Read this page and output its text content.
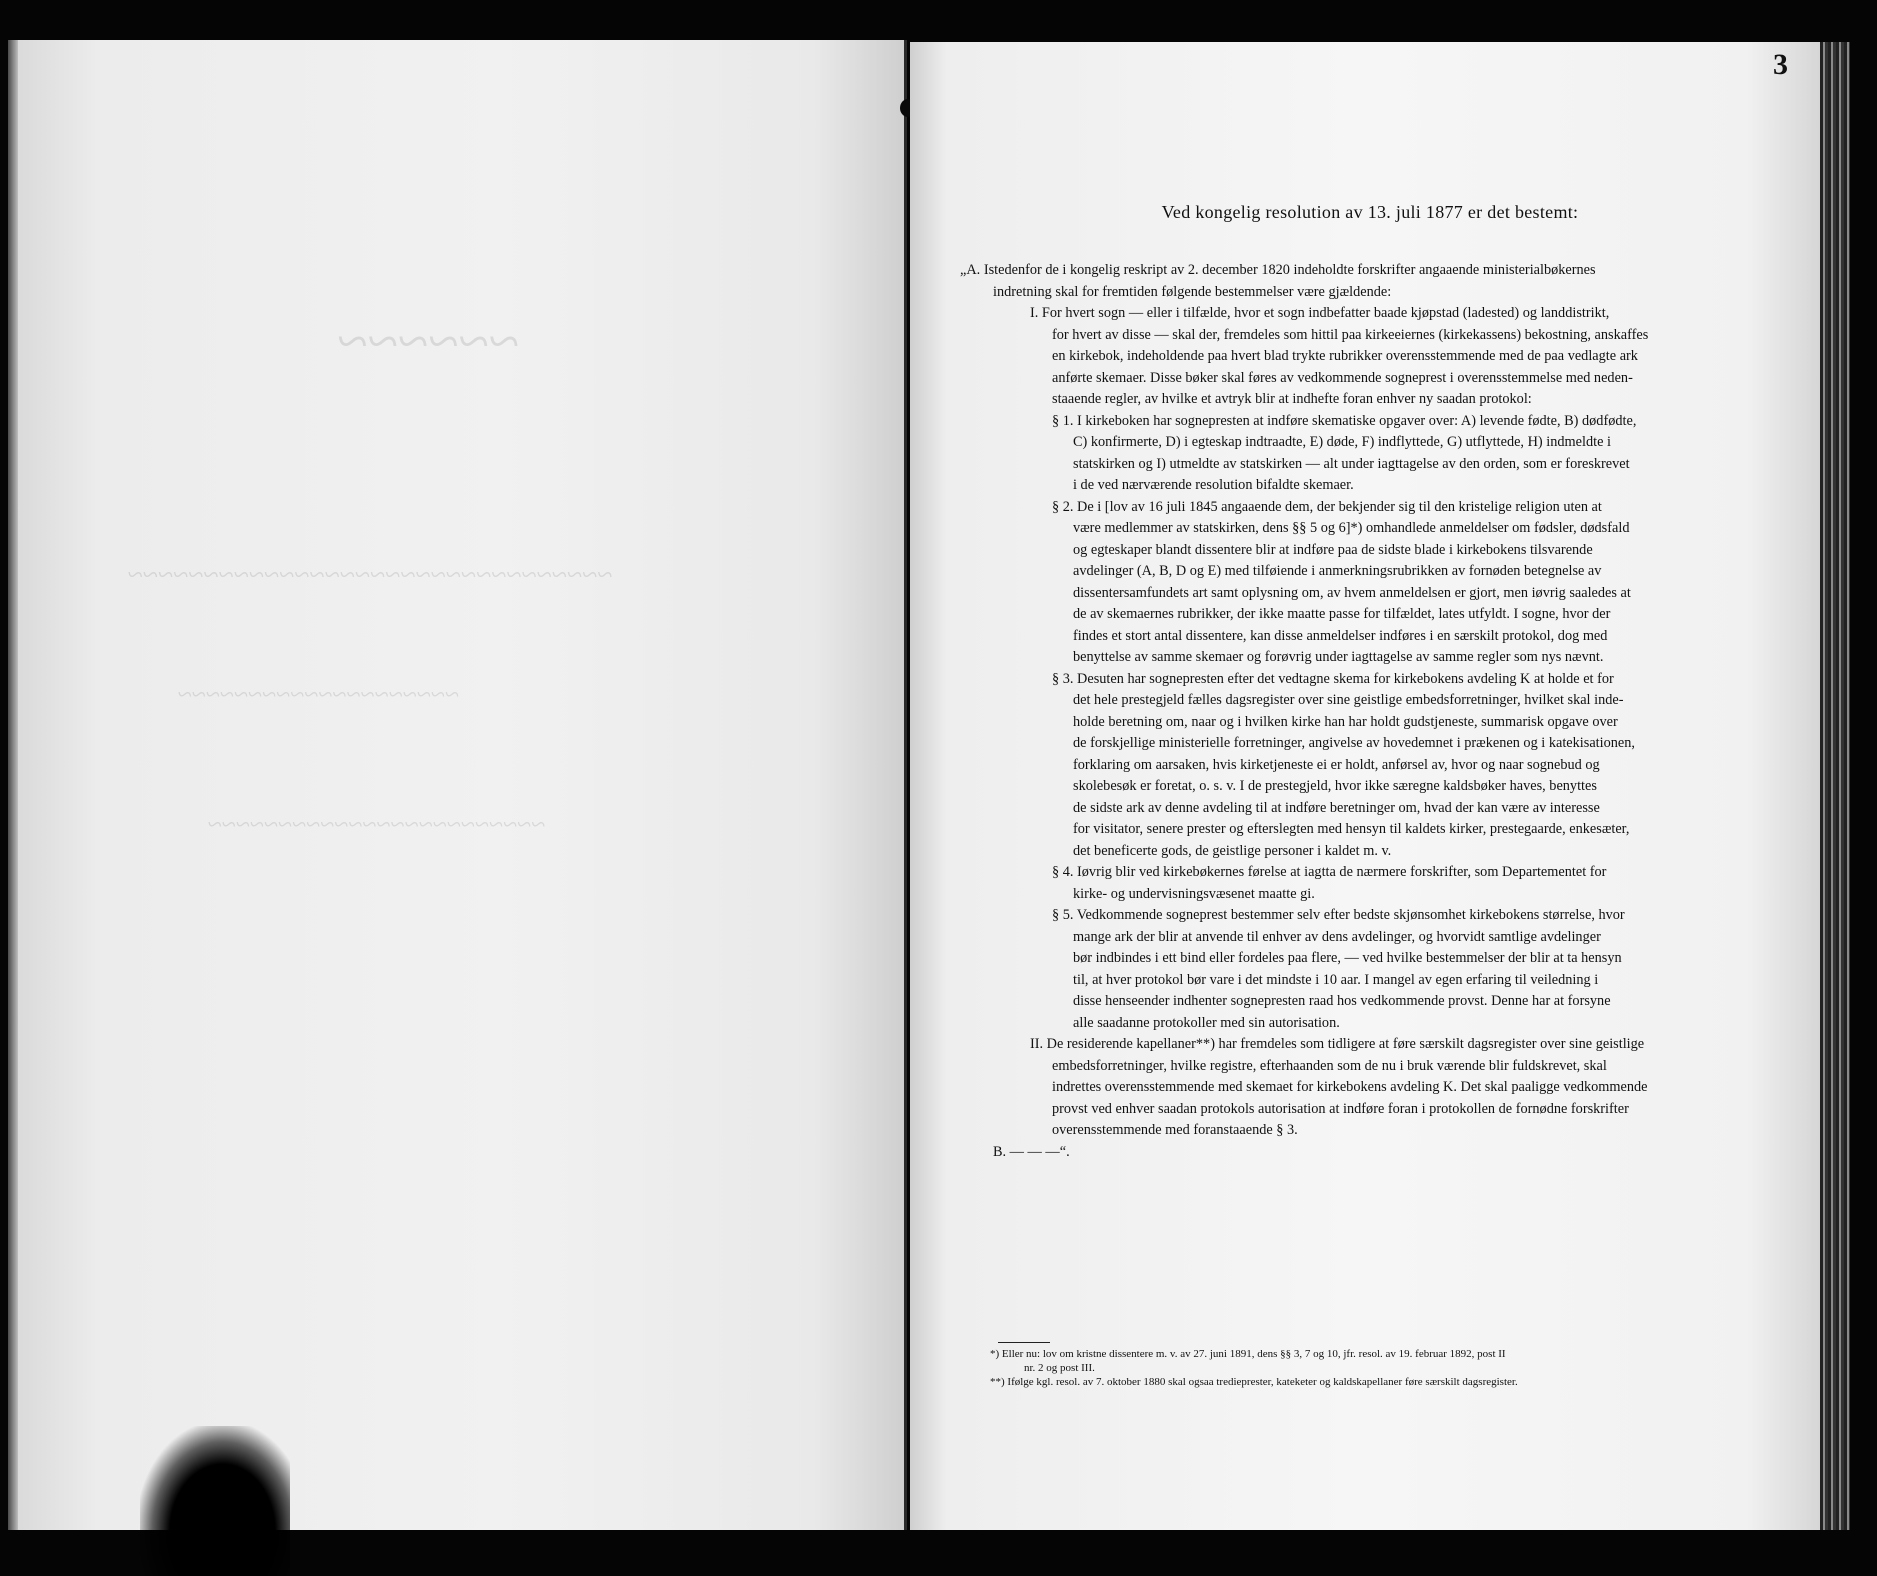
~~~~~~
~~~~~~~~~~~~~~~~~~~~~~~~~~~~~~~~
~~~~~~~~~~~~~~~~~~~~
~~~~~~~~~~~~~~~~~~~~~~~~
3
Ved kongelig resolution av 13. juli 1877 er det bestemt:
„A. Istedenfor de i kongelig reskript av 2. december 1820 indeholdte forskrifter angaaende ministerialbøkernes
indretning skal for fremtiden følgende bestemmelser være gjældende:
I. For hvert sogn — eller i tilfælde, hvor et sogn indbefatter baade kjøpstad (ladested) og landdistrikt,
for hvert av disse — skal der, fremdeles som hittil paa kirkeeiernes (kirkekassens) bekostning, anskaffes
en kirkebok, indeholdende paa hvert blad trykte rubrikker overensstemmende med de paa vedlagte ark
anførte skemaer. Disse bøker skal føres av vedkommende sogneprest i overensstemmelse med neden-
staaende regler, av hvilke et avtryk blir at indhefte foran enhver ny saadan protokol:
§ 1. I kirkeboken har sognepresten at indføre skematiske opgaver over: A) levende fødte, B) dødfødte,
C) konfirmerte, D) i egteskap indtraadte, E) døde, F) indflyttede, G) utflyttede, H) indmeldte i
statskirken og I) utmeldte av statskirken — alt under iagttagelse av den orden, som er foreskrevet
i de ved nærværende resolution bifaldte skemaer.
§ 2. De i [lov av 16 juli 1845 angaaende dem, der bekjender sig til den kristelige religion uten at
være medlemmer av statskirken, dens §§ 5 og 6]*) omhandlede anmeldelser om fødsler, dødsfald
og egteskaper blandt dissentere blir at indføre paa de sidste blade i kirkebokens tilsvarende
avdelinger (A, B, D og E) med tilføiende i anmerkningsrubrikken av fornøden betegnelse av
dissentersamfundets art samt oplysning om, av hvem anmeldelsen er gjort, men iøvrig saaledes at
de av skemaernes rubrikker, der ikke maatte passe for tilfældet, lates utfyldt. I sogne, hvor der
findes et stort antal dissentere, kan disse anmeldelser indføres i en særskilt protokol, dog med
benyttelse av samme skemaer og forøvrig under iagttagelse av samme regler som nys nævnt.
§ 3. Desuten har sognepresten efter det vedtagne skema for kirkebokens avdeling K at holde et for
det hele prestegjeld fælles dagsregister over sine geistlige embedsforretninger, hvilket skal inde-
holde beretning om, naar og i hvilken kirke han har holdt gudstjeneste, summarisk opgave over
de forskjellige ministerielle forretninger, angivelse av hovedemnet i prækenen og i katekisationen,
forklaring om aarsaken, hvis kirketjeneste ei er holdt, anførsel av, hvor og naar sognebud og
skolebesøk er foretat, o. s. v. I de prestegjeld, hvor ikke særegne kaldsbøker haves, benyttes
de sidste ark av denne avdeling til at indføre beretninger om, hvad der kan være av interesse
for visitator, senere prester og efterslegten med hensyn til kaldets kirker, prestegaarde, enkesæter,
det beneficerte gods, de geistlige personer i kaldet m. v.
§ 4. Iøvrig blir ved kirkebøkernes førelse at iagtta de nærmere forskrifter, som Departementet for
kirke- og undervisningsvæsenet maatte gi.
§ 5. Vedkommende sogneprest bestemmer selv efter bedste skjønsomhet kirkebokens størrelse, hvor
mange ark der blir at anvende til enhver av dens avdelinger, og hvorvidt samtlige avdelinger
bør indbindes i ett bind eller fordeles paa flere, — ved hvilke bestemmelser der blir at ta hensyn
til, at hver protokol bør vare i det mindste i 10 aar. I mangel av egen erfaring til veiledning i
disse henseender indhenter sognepresten raad hos vedkommende provst. Denne har at forsyne
alle saadanne protokoller med sin autorisation.
II. De residerende kapellaner**) har fremdeles som tidligere at føre særskilt dagsregister over sine geistlige
embedsforretninger, hvilke registre, efterhaanden som de nu i bruk værende blir fuldskrevet, skal
indrettes overensstemmende med skemaet for kirkebokens avdeling K. Det skal paaligge vedkommende
provst ved enhver saadan protokols autorisation at indføre foran i protokollen de fornødne forskrifter
overensstemmende med foranstaaende § 3.
B. — — —“.
*) Eller nu: lov om kristne dissentere m. v. av 27. juni 1891, dens §§ 3, 7 og 10, jfr. resol. av 19. februar 1892, post II
nr. 2 og post III.
**) Ifølge kgl. resol. av 7. oktober 1880 skal ogsaa tredieprester, kateketer og kaldskapellaner føre særskilt dagsregister.
